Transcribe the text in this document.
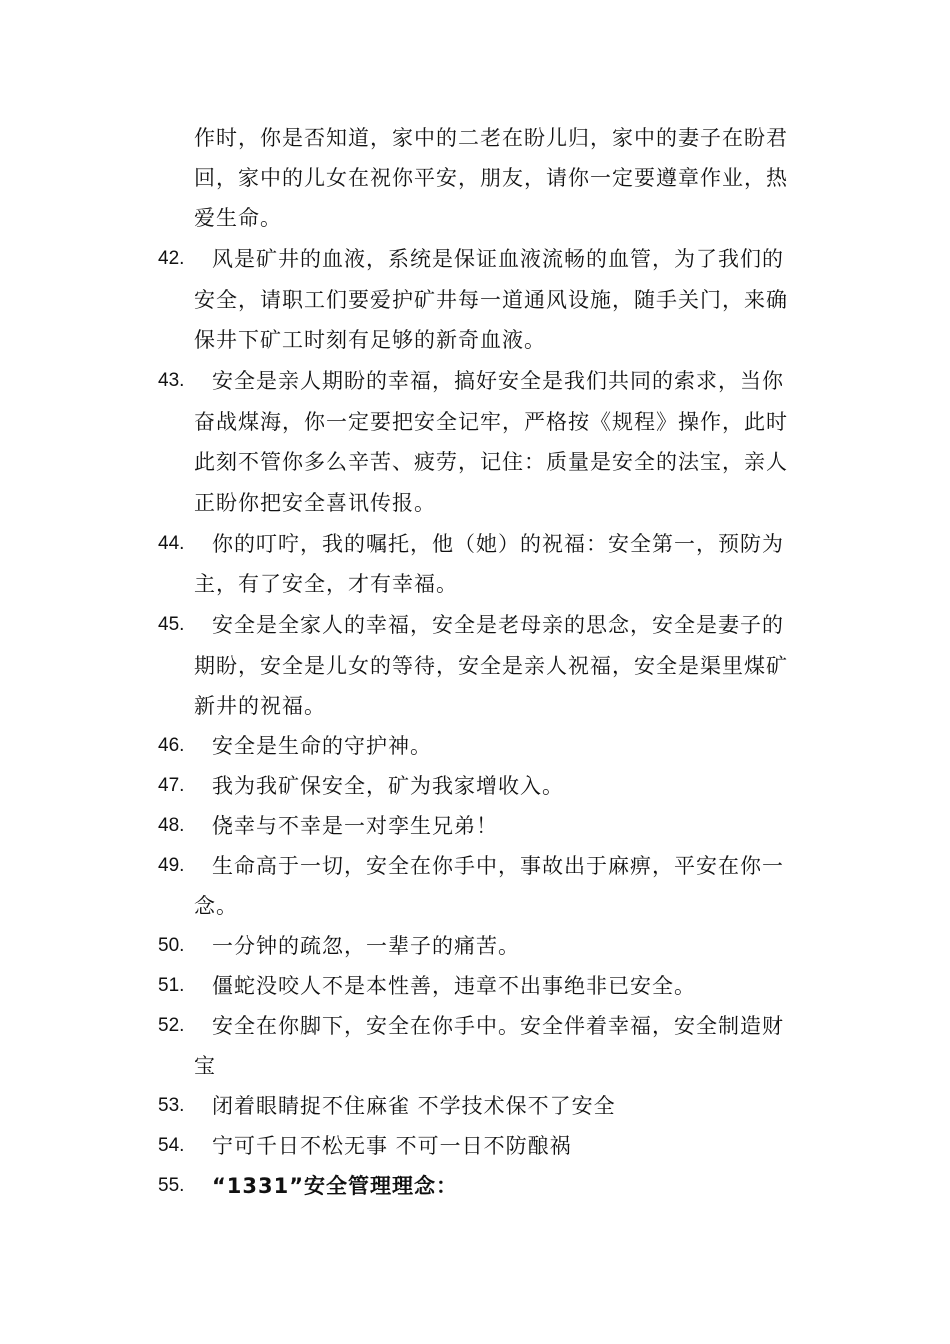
作时，你是否知道，家中的二老在盼儿归，家中的妻子在盼君
回，家中的儿女在祝你平安，朋友，请你一定要遵章作业，热
爱生命。
42. 风是矿井的血液，系统是保证血液流畅的血管，为了我们的
安全，请职工们要爱护矿井每一道通风设施，随手关门，来确
保井下矿工时刻有足够的新奇血液。
43. 安全是亲人期盼的幸福，搞好安全是我们共同的索求，当你
奋战煤海，你一定要把安全记牢，严格按《规程》操作，此时
此刻不管你多么辛苦、疲劳，记住：质量是安全的法宝，亲人
正盼你把安全喜讯传报。
44. 你的叮咛，我的嘱托，他（她）的祝福：安全第一，预防为
主，有了安全，才有幸福。
45. 安全是全家人的幸福，安全是老母亲的思念，安全是妻子的
期盼，安全是儿女的等待，安全是亲人祝福，安全是渠里煤矿
新井的祝福。
46. 安全是生命的守护神。
47. 我为我矿保安全，矿为我家增收入。
48. 侥幸与不幸是一对孪生兄弟！
49. 生命高于一切，安全在你手中，事故出于麻痹，平安在你一
念。
50. 一分钟的疏忽，一辈子的痛苦。
51. 僵蛇没咬人不是本性善，违章不出事绝非已安全。
52. 安全在你脚下，安全在你手中。安全伴着幸福，安全制造财
宝
53. 闭着眼睛捉不住麻雀 不学技术保不了安全
54. 宁可千日不松无事 不可一日不防酿祸
55. “1331”安全管理理念：
